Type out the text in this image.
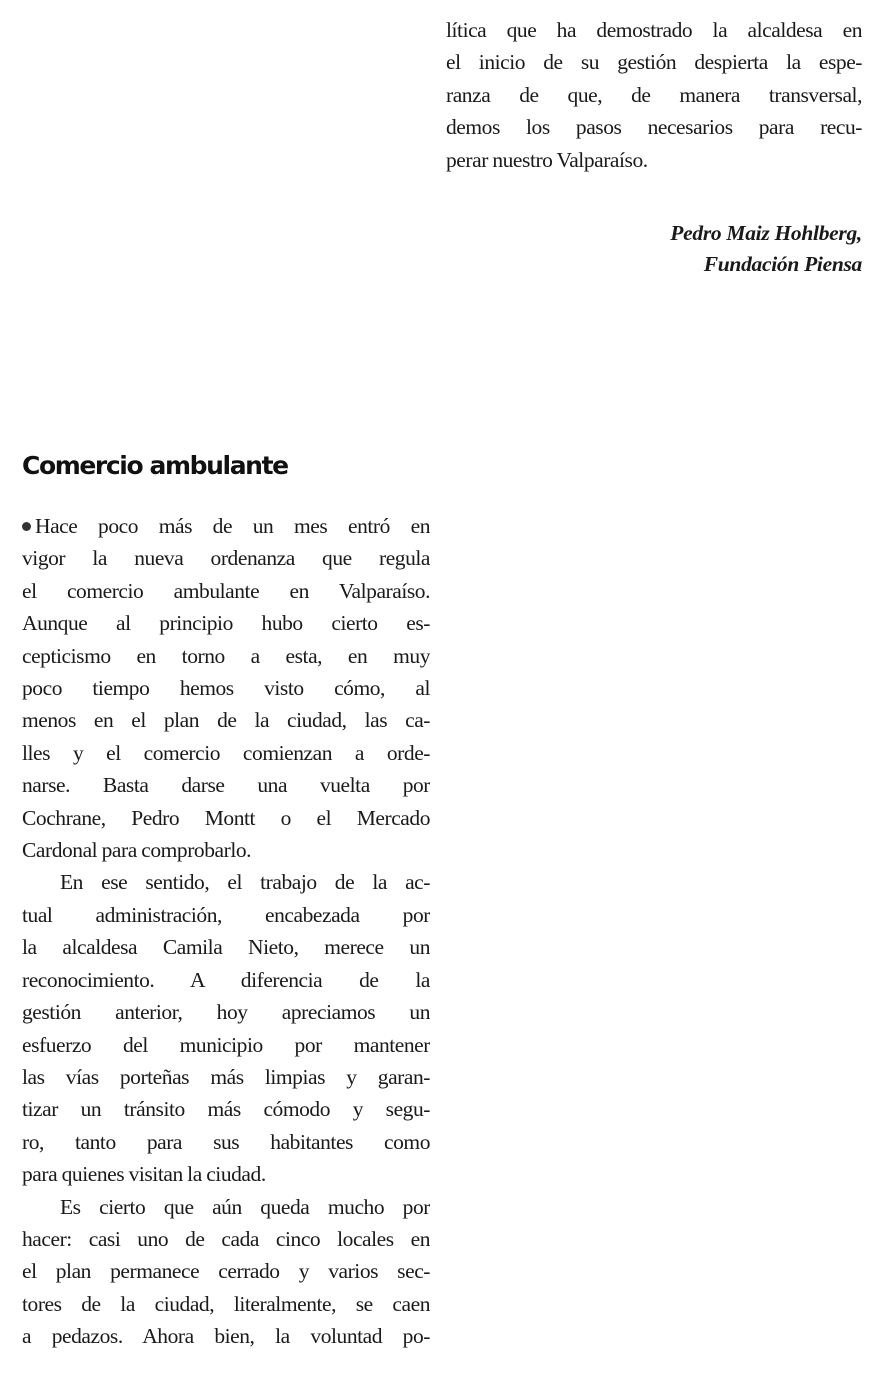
lítica que ha demostrado la alcaldesa en
el inicio de su gestión despierta la espe-
ranza de que, de manera transversal,
demos los pasos necesarios para recu-
perar nuestro Valparaíso.

Pedro Maiz Hohlberg,
Fundación Piensa
Comercio ambulante

Hace poco más de un mes entró en
vigor la nueva ordenanza que regula
el comercio ambulante en Valparaíso.
Aunque al principio hubo cierto es-
cepticismo en torno a esta, en muy
poco tiempo hemos visto cómo, al
menos en el plan de la ciudad, las ca-
lles y el comercio comienzan a orde-
narse. Basta darse una vuelta por
Cochrane, Pedro Montt o el Mercado
Cardonal para comprobarlo.

En ese sentido, el trabajo de la ac-
tual administración, encabezada por
la alcaldesa Camila Nieto, merece un
reconocimiento. A diferencia de la
gestión anterior, hoy apreciamos un
esfuerzo del municipio por mantener
las vías porteñas más limpias y garan-
tizar un tránsito más cómodo y segu-
ro, tanto para sus habitantes como
para quienes visitan la ciudad.

Es cierto que aún queda mucho por
hacer: casi uno de cada cinco locales en
el plan permanece cerrado y varios sec-
tores de la ciudad, literalmente, se caen
a pedazos. Ahora bien, la voluntad po-
